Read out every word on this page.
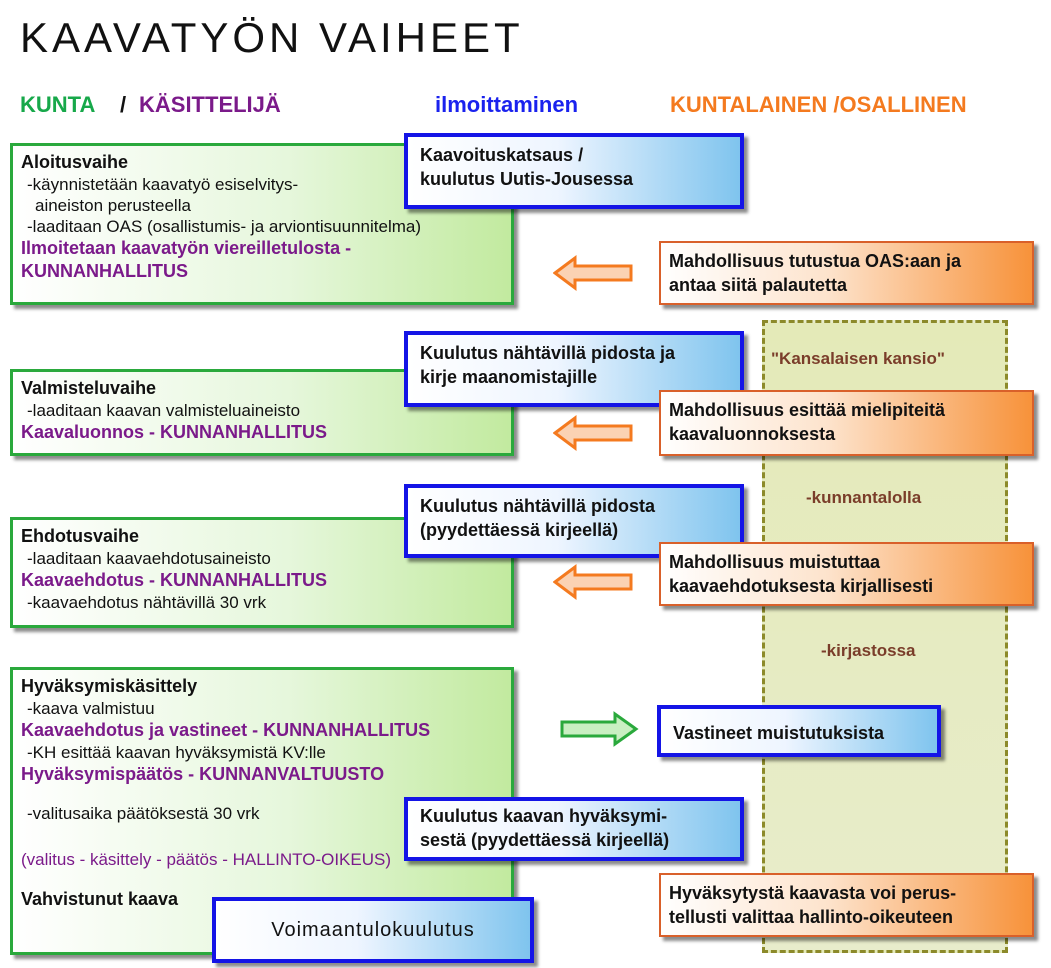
KAAVATYÖN VAIHEET
KUNTA / KÄSITTELIJÄ	ilmoittaminen	KUNTALAINEN /OSALLINEN
"Kansalaisen kansio"
-kunnantalolla
-kirjastossa
Aloitusvaihe
-käynnistetään kaavatyö esiselvitys-
aineiston perusteella
-laaditaan OAS (osallistumis- ja arviontisuunnitelma)
Ilmoitetaan kaavatyön viereilletulosta -
KUNNANHALLITUS
Valmisteluvaihe
-laaditaan kaavan valmisteluaineisto
Kaavaluonnos - KUNNANHALLITUS
Ehdotusvaihe
-laaditaan kaavaehdotusaineisto
Kaavaehdotus - KUNNANHALLITUS
-kaavaehdotus nähtävillä 30 vrk
Hyväksymiskäsittely
-kaava valmistuu
Kaavaehdotus ja vastineet - KUNNANHALLITUS
-KH esittää kaavan hyväksymistä KV:lle
Hyväksymispäätös - KUNNANVALTUUSTO
-valitusaika päätöksestä 30 vrk
(valitus - käsittely - päätös - HALLINTO-OIKEUS)
Vahvistunut kaava
Kaavoituskatsaus /
kuulutus Uutis-Jousessa
Kuulutus nähtävillä pidosta ja
kirje maanomistajille
Kuulutus nähtävillä pidosta
(pyydettäessä kirjeellä)
Kuulutus kaavan hyväksymi-
sestä (pyydettäessä kirjeellä)
Voimaantulokuulutus
Mahdollisuus tutustua OAS:aan ja
antaa siitä palautetta
Mahdollisuus esittää mielipiteitä
kaavaluonnoksesta
Mahdollisuus muistuttaa
kaavaehdotuksesta kirjallisesti
Vastineet muistutuksista
Hyväksytystä kaavasta voi perus-
tellusti valittaa hallinto-oikeuteen
